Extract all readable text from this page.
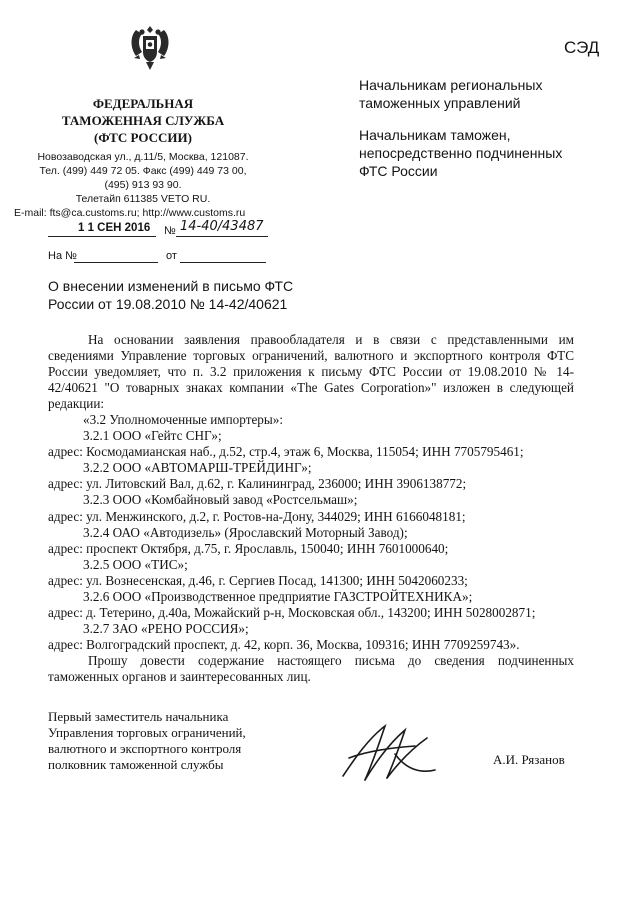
СЭД
ФЕДЕРАЛЬНАЯ
ТАМОЖЕННАЯ СЛУЖБА
(ФТС РОССИИ)
Новозаводская ул., д.11/5, Москва, 121087.
Тел. (499) 449 72 05. Факс (499) 449 73 00,
(495) 913 93 90.
Телетайп 611385 VETO RU.
E-mail: fts@ca.customs.ru; http://www.customs.ru
1 1 СЕН 2016 № 14-40/43487
На №	от
Начальникам региональных
таможенных управлений
Начальникам таможен,
непосредственно подчиненных
ФТС России
О внесении изменений в письмо ФТС
России от 19.08.2010 № 14-42/40621

На основании заявления правообладателя и в связи с представленными им сведениями Управление торговых ограничений, валютного и экспортного контроля ФТС России уведомляет, что п. 3.2 приложения к письму ФТС России от 19.08.2010 № 14-42/40621 "О товарных знаках компании «The Gates Corporation»" изложен в следующей редакции:

«3.2 Уполномоченные импортеры»:

3.2.1 ООО «Гейтс СНГ»;

адрес: Космодамианская наб., д.52, стр.4, этаж 6, Москва, 115054; ИНН 7705795461;

3.2.2 ООО «АВТОМАРШ-ТРЕЙДИНГ»;

адрес: ул. Литовский Вал, д.62, г. Калининград, 236000; ИНН 3906138772;

3.2.3 ООО «Комбайновый завод «Ростсельмаш»;

адрес: ул. Менжинского, д.2, г. Ростов-на-Дону, 344029; ИНН 6166048181;

3.2.4 ОАО «Автодизель» (Ярославский Моторный Завод);

адрес: проспект Октября, д.75, г. Ярославль, 150040; ИНН 7601000640;

3.2.5 ООО «ТИС»;

адрес: ул. Вознесенская, д.46, г. Сергиев Посад, 141300; ИНН 5042060233;

3.2.6 ООО «Производственное предприятие ГАЗСТРОЙТЕХНИКА»;

адрес: д. Тетерино, д.40а, Можайский р-н, Московская обл., 143200; ИНН 5028002871;

3.2.7 ЗАО «РЕНО РОССИЯ»;

адрес: Волгоградский проспект, д. 42, корп. 36, Москва, 109316; ИНН 7709259743».

Прошу довести содержание настоящего письма до сведения подчиненных таможенных органов и заинтересованных лиц.

Первый заместитель начальника
Управления торговых ограничений,
валютного и экспортного контроля
полковник таможенной службы	А.И. Рязанов
